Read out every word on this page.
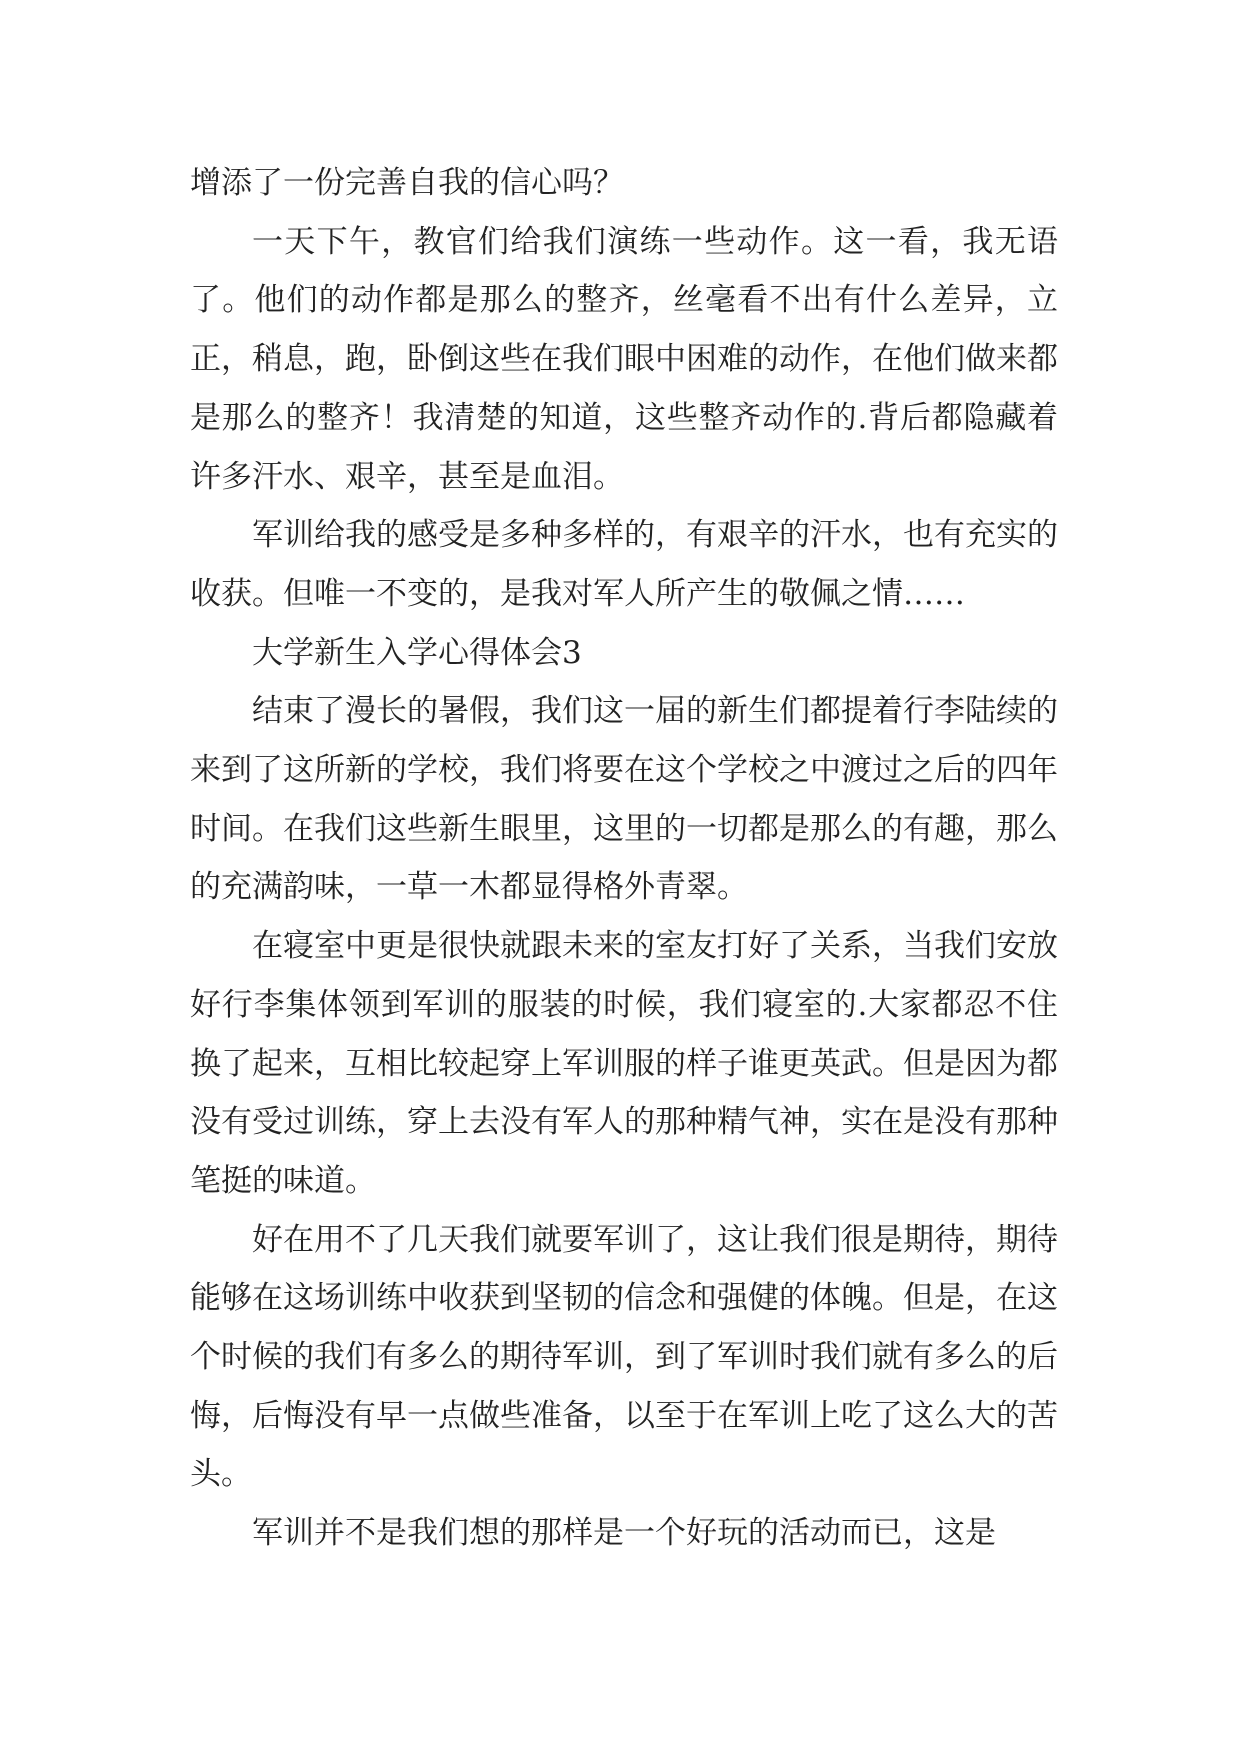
增添了一份完善自我的信心吗？

一天下午，教官们给我们演练一些动作。这一看，我无语了。他们的动作都是那么的整齐，丝毫看不出有什么差异，立正，稍息，跑，卧倒这些在我们眼中困难的动作，在他们做来都是那么的整齐！我清楚的知道，这些整齐动作的.背后都隐藏着许多汗水、艰辛，甚至是血泪。

军训给我的感受是多种多样的，有艰辛的汗水，也有充实的收获。但唯一不变的，是我对军人所产生的敬佩之情……

大学新生入学心得体会3

结束了漫长的暑假，我们这一届的新生们都提着行李陆续的来到了这所新的学校，我们将要在这个学校之中渡过之后的四年时间。在我们这些新生眼里，这里的一切都是那么的有趣，那么的充满韵味，一草一木都显得格外青翠。

在寝室中更是很快就跟未来的室友打好了关系，当我们安放好行李集体领到军训的服装的时候，我们寝室的.大家都忍不住换了起来，互相比较起穿上军训服的样子谁更英武。但是因为都没有受过训练，穿上去没有军人的那种精气神，实在是没有那种笔挺的味道。

好在用不了几天我们就要军训了，这让我们很是期待，期待能够在这场训练中收获到坚韧的信念和强健的体魄。但是，在这个时候的我们有多么的期待军训，到了军训时我们就有多么的后悔，后悔没有早一点做些准备，以至于在军训上吃了这么大的苦头。

军训并不是我们想的那样是一个好玩的活动而已，这是
